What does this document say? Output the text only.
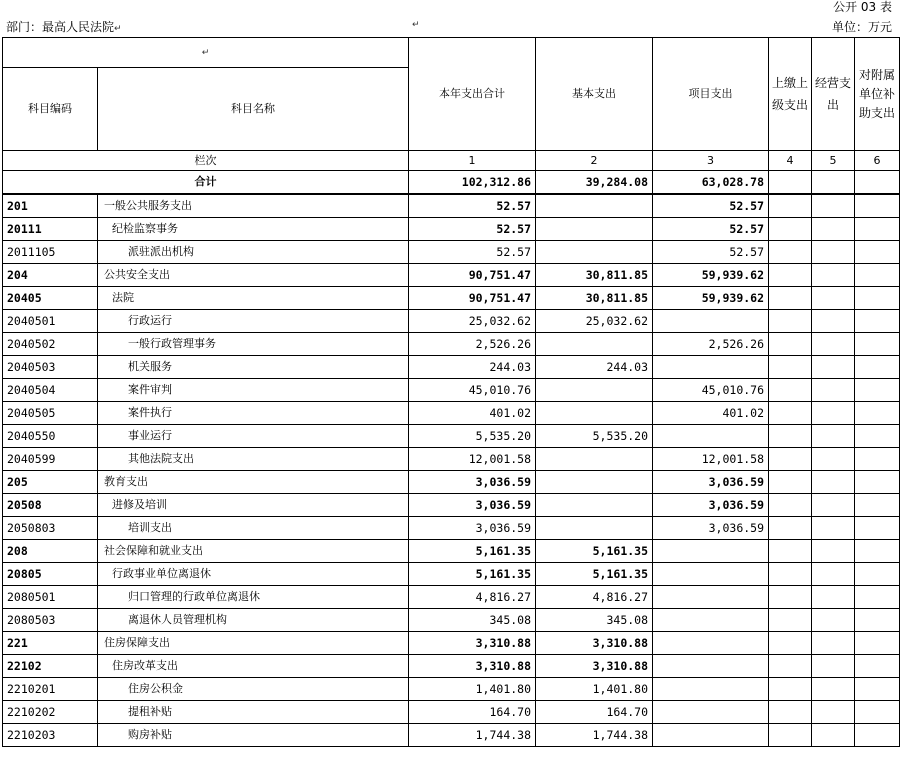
公开 03 表
部门：最高人民法院↵	↵	单位：万元
↵		本年支出合计	基本支出	项目支出	上缴上级支出	经营支出	对附属单位补助支出
科目编码	科目名称						
栏次		1	2	3	4	5	6
合计		102,312.86	39,284.08	63,028.78			
201	一般公共服务支出	52.57		52.57			
20111	纪检监察事务	52.57		52.57			
2011105	派驻派出机构	52.57		52.57			
204	公共安全支出	90,751.47	30,811.85	59,939.62			
20405	法院	90,751.47	30,811.85	59,939.62			
2040501	行政运行	25,032.62	25,032.62				
2040502	一般行政管理事务	2,526.26		2,526.26			
2040503	机关服务	244.03	244.03				
2040504	案件审判	45,010.76		45,010.76			
2040505	案件执行	401.02		401.02			
2040550	事业运行	5,535.20	5,535.20				
2040599	其他法院支出	12,001.58		12,001.58			
205	教育支出	3,036.59		3,036.59			
20508	进修及培训	3,036.59		3,036.59			
2050803	培训支出	3,036.59		3,036.59			
208	社会保障和就业支出	5,161.35	5,161.35				
20805	行政事业单位离退休	5,161.35	5,161.35				
2080501	归口管理的行政单位离退休	4,816.27	4,816.27				
2080503	离退休人员管理机构	345.08	345.08				
221	住房保障支出	3,310.88	3,310.88				
22102	住房改革支出	3,310.88	3,310.88				
2210201	住房公积金	1,401.80	1,401.80				
2210202	提租补贴	164.70	164.70				
2210203	购房补贴	1,744.38	1,744.38				
